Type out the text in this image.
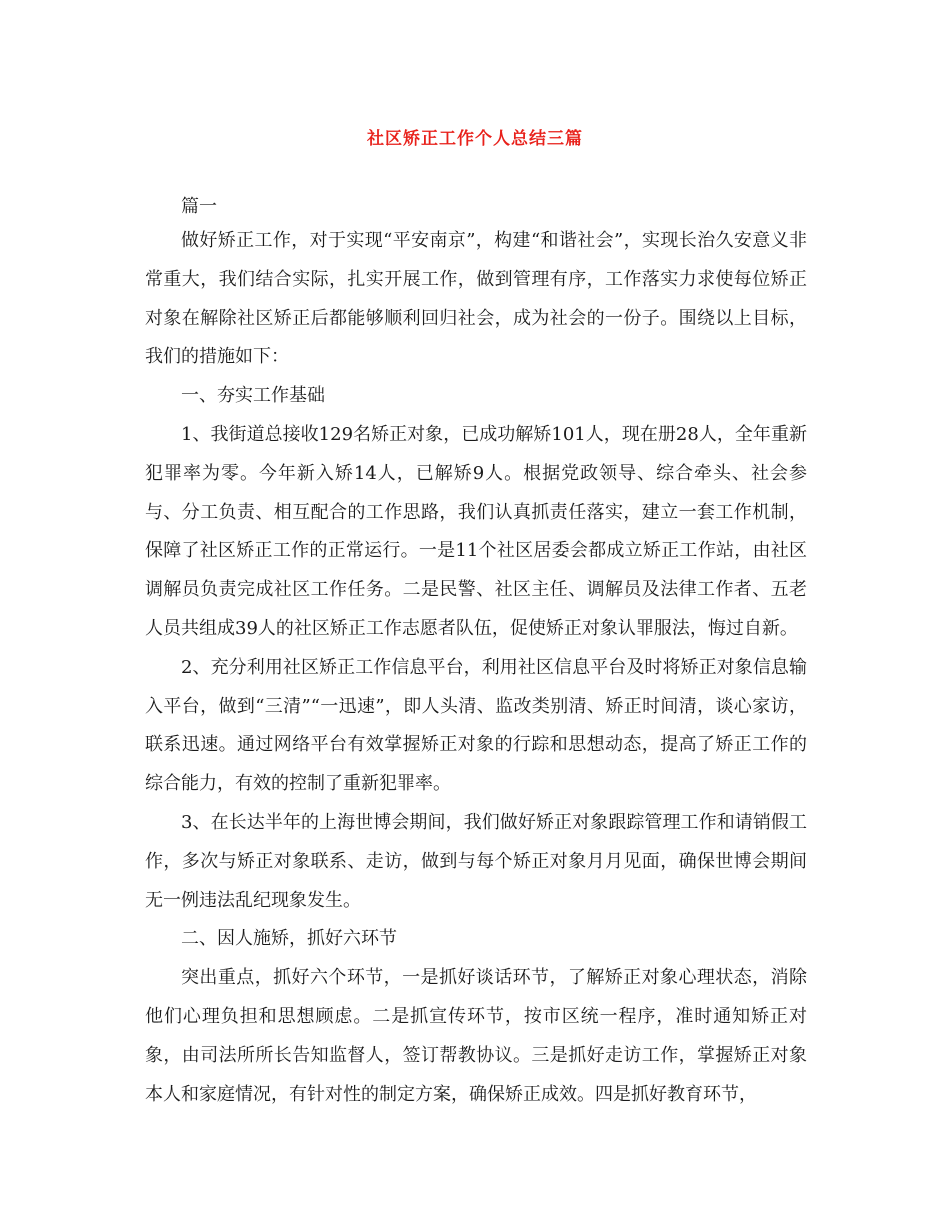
社区矫正工作个人总结三篇
篇一

做好矫正工作，对于实现“平安南京”，构建“和谐社会”，实现长治久安意义非常重大，我们结合实际，扎实开展工作，做到管理有序，工作落实力求使每位矫正对象在解除社区矫正后都能够顺利回归社会，成为社会的一份子。围绕以上目标，我们的措施如下：

一、夯实工作基础

1、我街道总接收129名矫正对象，已成功解矫101人，现在册28人，全年重新犯罪率为零。今年新入矫14人，已解矫9人。根据党政领导、综合牵头、社会参与、分工负责、相互配合的工作思路，我们认真抓责任落实，建立一套工作机制，保障了社区矫正工作的正常运行。一是11个社区居委会都成立矫正工作站，由社区调解员负责完成社区工作任务。二是民警、社区主任、调解员及法律工作者、五老人员共组成39人的社区矫正工作志愿者队伍，促使矫正对象认罪服法，悔过自新。

2、充分利用社区矫正工作信息平台，利用社区信息平台及时将矫正对象信息输入平台，做到“三清”“一迅速”，即人头清、监改类别清、矫正时间清，谈心家访，联系迅速。通过网络平台有效掌握矫正对象的行踪和思想动态，提高了矫正工作的综合能力，有效的控制了重新犯罪率。

3、在长达半年的上海世博会期间，我们做好矫正对象跟踪管理工作和请销假工作，多次与矫正对象联系、走访，做到与每个矫正对象月月见面，确保世博会期间无一例违法乱纪现象发生。

二、因人施矫，抓好六环节

突出重点，抓好六个环节，一是抓好谈话环节，了解矫正对象心理状态，消除他们心理负担和思想顾虑。二是抓宣传环节，按市区统一程序，准时通知矫正对象，由司法所所长告知监督人，签订帮教协议。三是抓好走访工作，掌握矫正对象本人和家庭情况，有针对性的制定方案，确保矫正成效。四是抓好教育环节，
